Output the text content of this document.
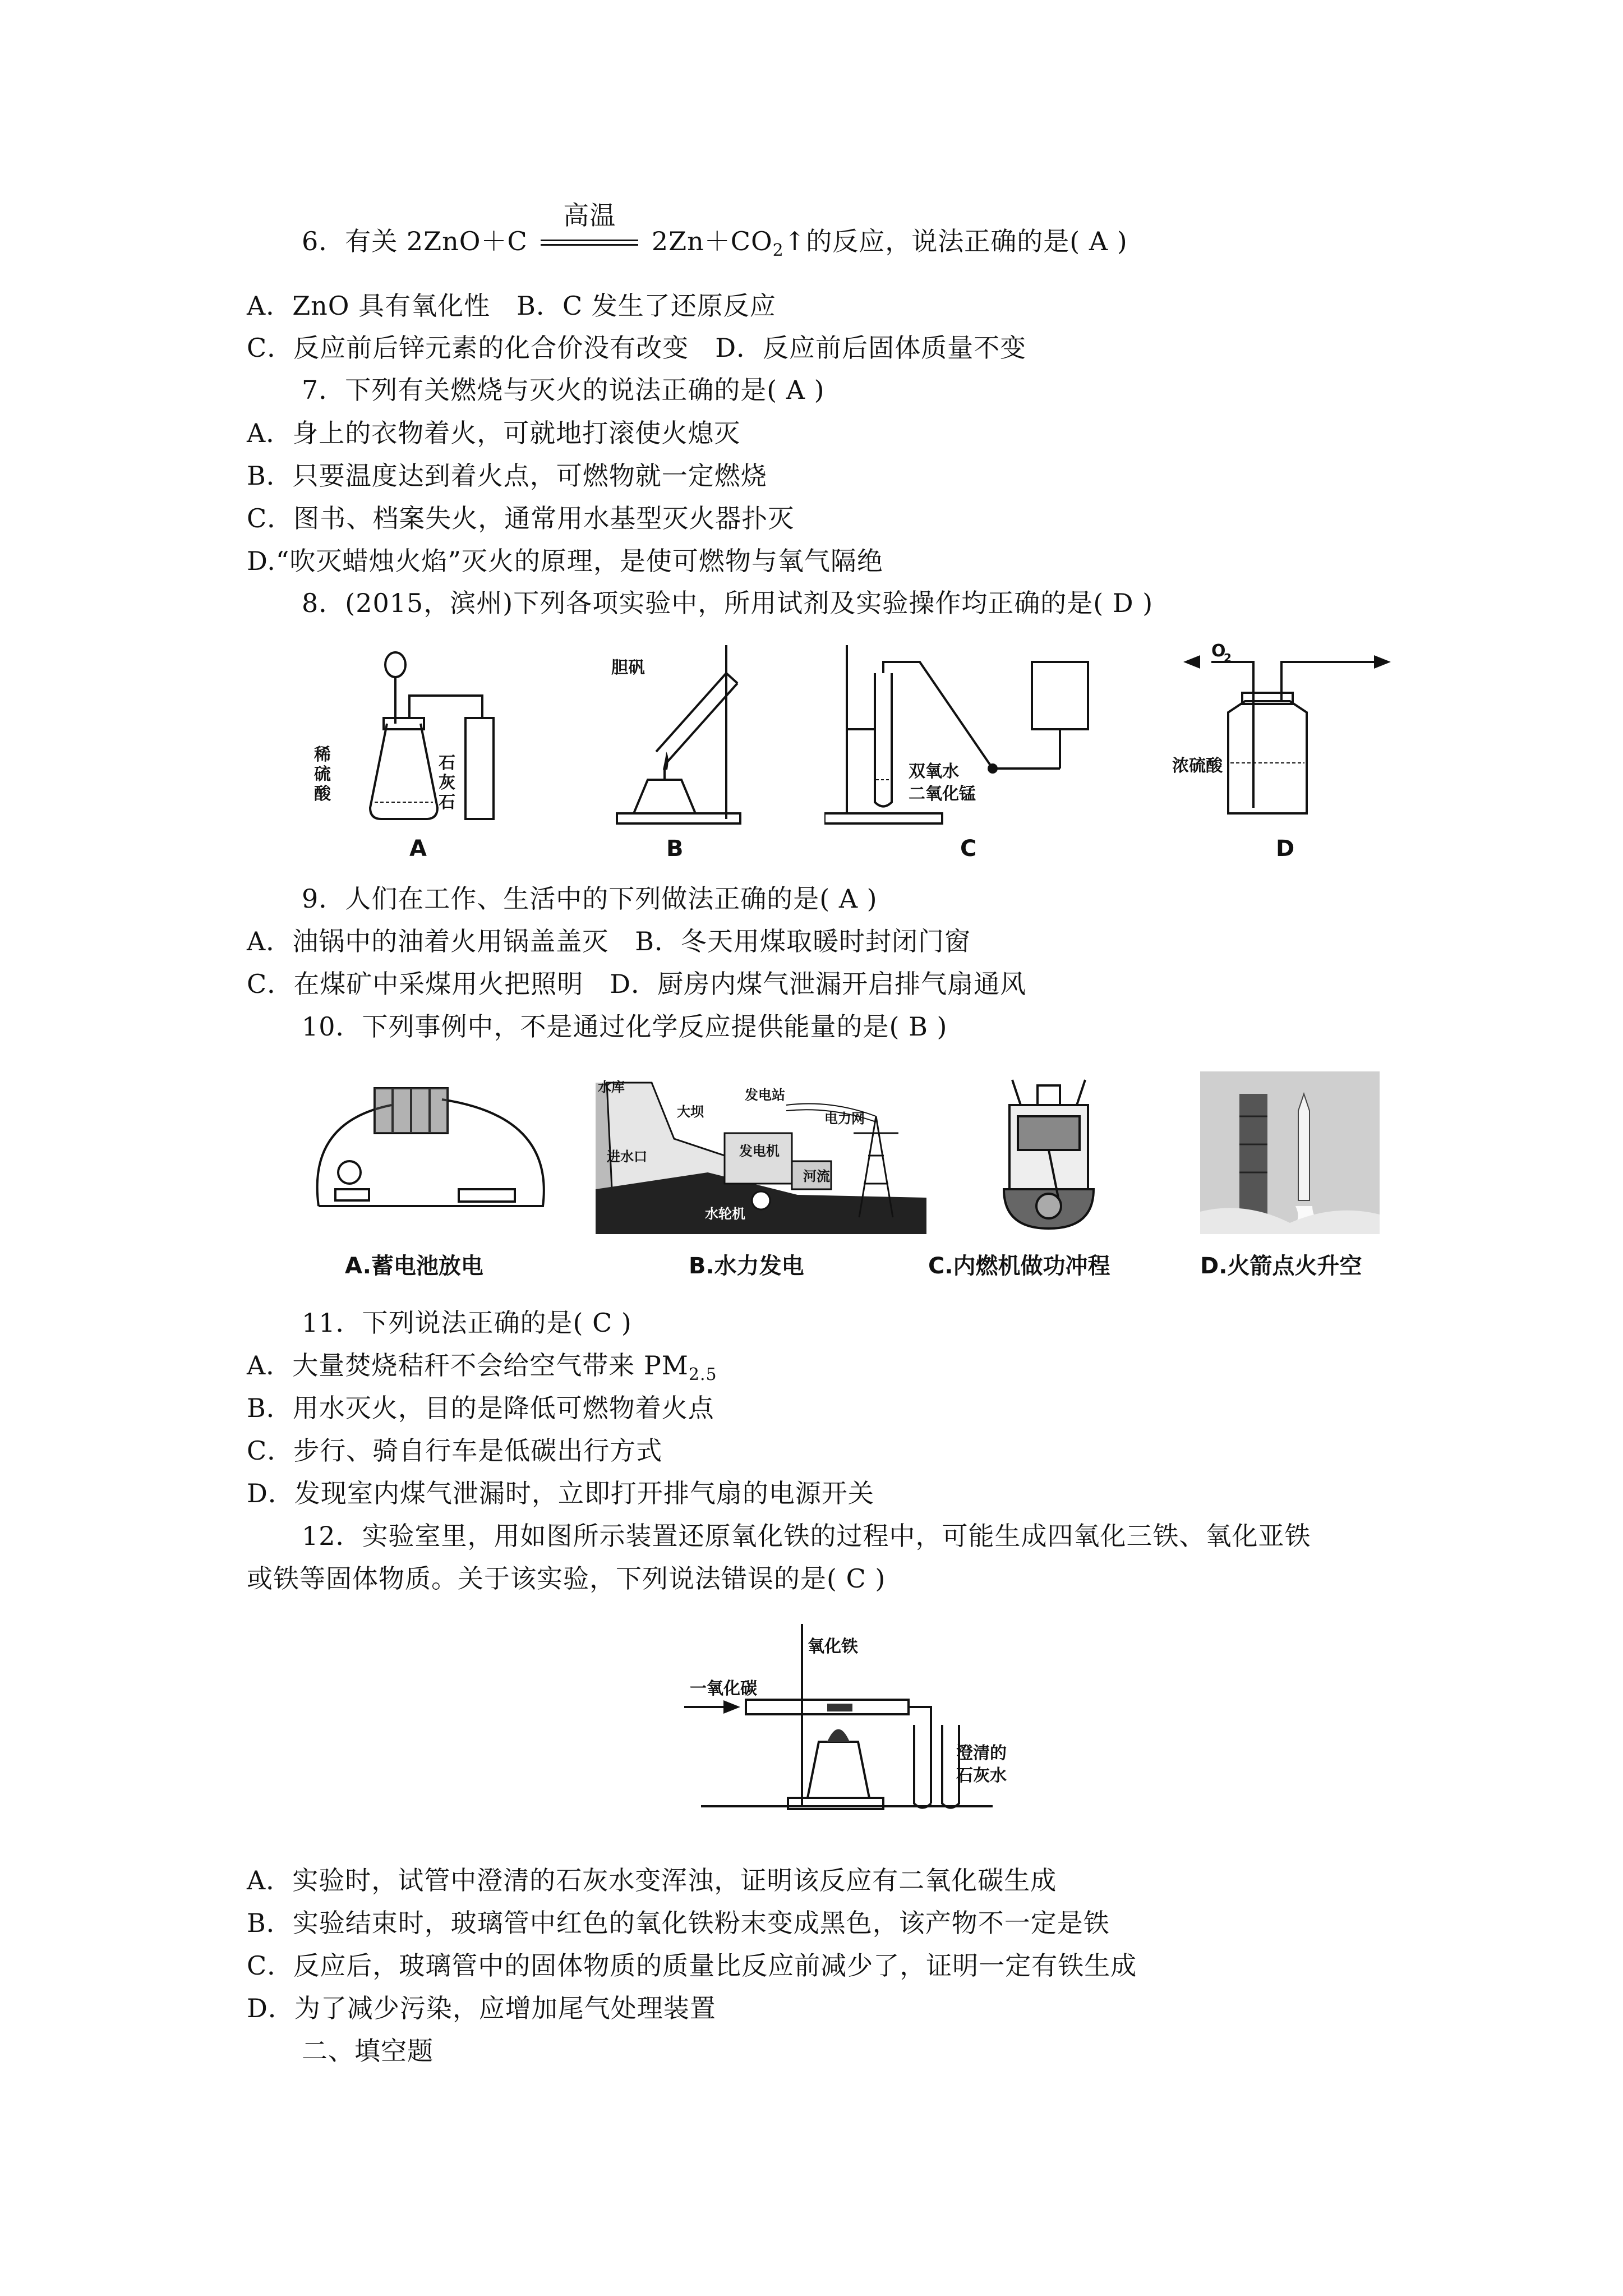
6．有关 2ZnO＋C
高温
$2Zn+CO_2↑$的反应，说法正确的是( A )
A．ZnO 具有氧化性　B．C 发生了还原反应
C．反应前后锌元素的化合价没有改变　D．反应前后固体质量不变
7．下列有关燃烧与灭火的说法正确的是( A )
A．身上的衣物着火，可就地打滚使火熄灭
B．只要温度达到着火点，可燃物就一定燃烧
C．图书、档案失火，通常用水基型灭火器扑灭
D.“吹灭蜡烛火焰”灭火的原理，是使可燃物与氧气隔绝
8．(2015，滨州)下列各项实验中，所用试剂及实验操作均正确的是( D )
稀
硫
酸
石
灰
石
A
胆矾
B
双氧水
二氧化锰
C
O
2
浓硫酸
D
9．人们在工作、生活中的下列做法正确的是( A )
A．油锅中的油着火用锅盖盖灭　B．冬天用煤取暖时封闭门窗
C．在煤矿中采煤用火把照明　D．厨房内煤气泄漏开启排气扇通风
10．下列事例中，不是通过化学反应提供能量的是( B )
A.蓄电池放电
水库
大坝
发电站
电力网
发电机
进水口
河流
水轮机
B.水力发电	C.内燃机做功冲程	D.火箭点火升空
11．下列说法正确的是( C )
A．大量焚烧秸秆不会给空气带来 $PM_{2.5}$
B．用水灭火，目的是降低可燃物着火点
C．步行、骑自行车是低碳出行方式
D．发现室内煤气泄漏时，立即打开排气扇的电源开关
12．实验室里，用如图所示装置还原氧化铁的过程中，可能生成四氧化三铁、氧化亚铁
或铁等固体物质。关于该实验，下列说法错误的是( C )
一氧化碳
氧化铁
澄清的
石灰水
A．实验时，试管中澄清的石灰水变浑浊，证明该反应有二氧化碳生成
B．实验结束时，玻璃管中红色的氧化铁粉末变成黑色，该产物不一定是铁
C．反应后，玻璃管中的固体物质的质量比反应前减少了，证明一定有铁生成
D．为了减少污染，应增加尾气处理装置
二、填空题
